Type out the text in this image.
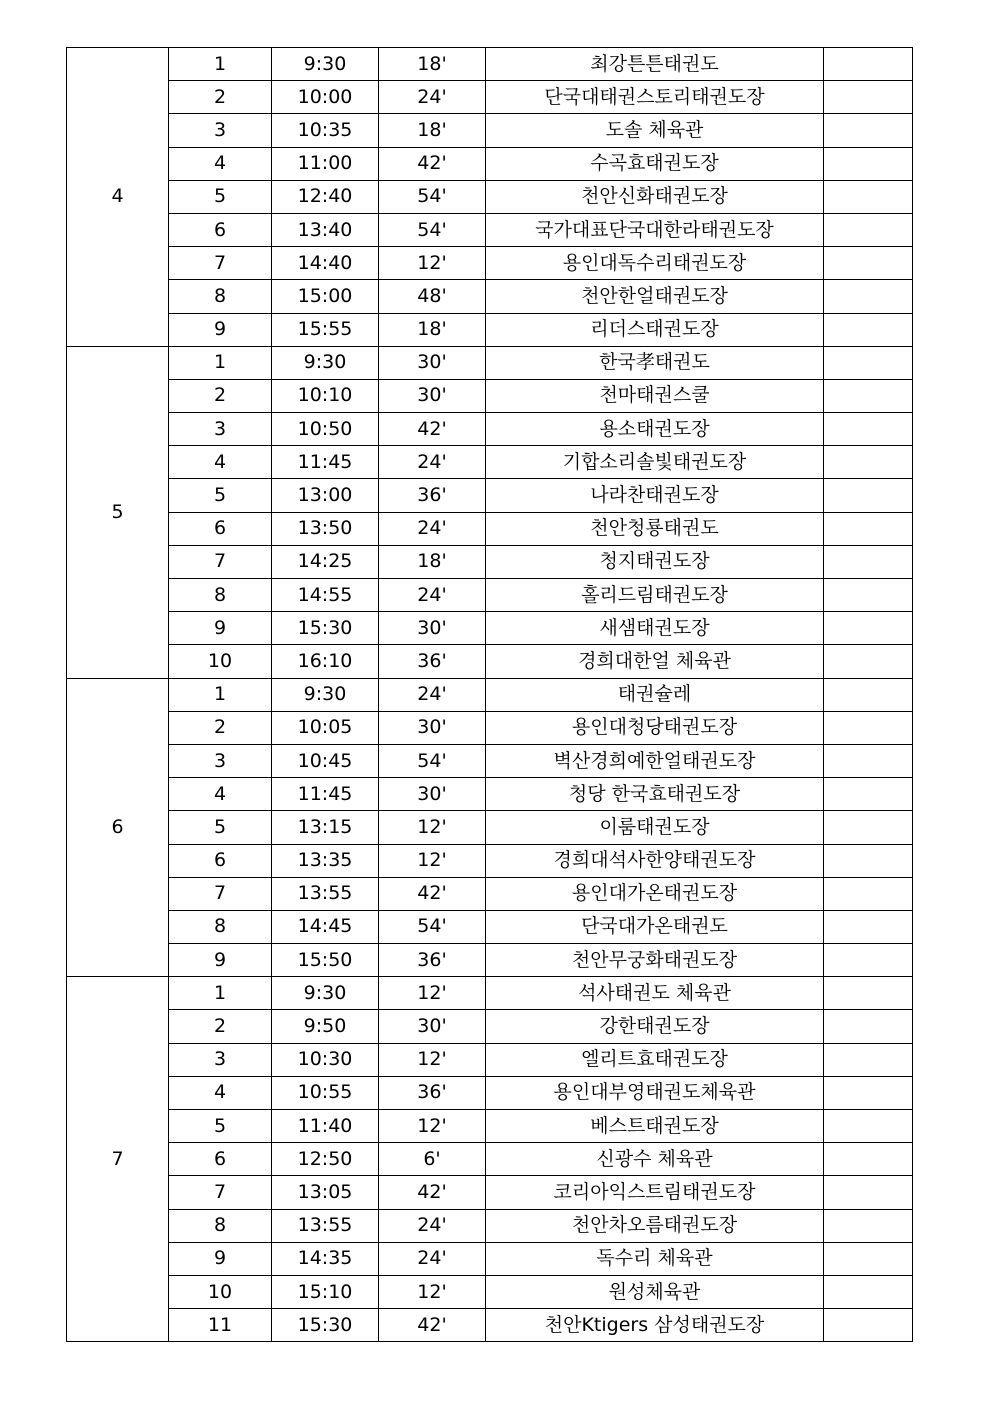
4	1	9:30	18'	최강튼튼태권도	
	2	10:00	24'	단국대태권스토리태권도장	
	3	10:35	18'	도솔 체육관	
	4	11:00	42'	수곡효태권도장	
	5	12:40	54'	천안신화태권도장	
	6	13:40	54'	국가대표단국대한라태권도장	
	7	14:40	12'	용인대독수리태권도장	
	8	15:00	48'	천안한얼태권도장	
	9	15:55	18'	리더스태권도장	
5	1	9:30	30'	한국孝태권도	
	2	10:10	30'	천마태권스쿨	
	3	10:50	42'	용소태권도장	
	4	11:45	24'	기합소리솔빛태권도장	
	5	13:00	36'	나라찬태권도장	
	6	13:50	24'	천안청룡태권도	
	7	14:25	18'	청지태권도장	
	8	14:55	24'	홀리드림태권도장	
	9	15:30	30'	새샘태권도장	
	10	16:10	36'	경희대한얼 체육관	
6	1	9:30	24'	태권슐레	
	2	10:05	30'	용인대청당태권도장	
	3	10:45	54'	벽산경희예한얼태권도장	
	4	11:45	30'	청당 한국효태권도장	
	5	13:15	12'	이룸태권도장	
	6	13:35	12'	경희대석사한양태권도장	
	7	13:55	42'	용인대가온태권도장	
	8	14:45	54'	단국대가온태권도	
	9	15:50	36'	천안무궁화태권도장	
7	1	9:30	12'	석사태권도 체육관	
	2	9:50	30'	강한태권도장	
	3	10:30	12'	엘리트효태권도장	
	4	10:55	36'	용인대부영태권도체육관	
	5	11:40	12'	베스트태권도장	
	6	12:50	6'	신광수 체육관	
	7	13:05	42'	코리아익스트림태권도장	
	8	13:55	24'	천안차오름태권도장	
	9	14:35	24'	독수리 체육관	
	10	15:10	12'	원성체육관	
	11	15:30	42'	천안Ktigers 삼성태권도장	
